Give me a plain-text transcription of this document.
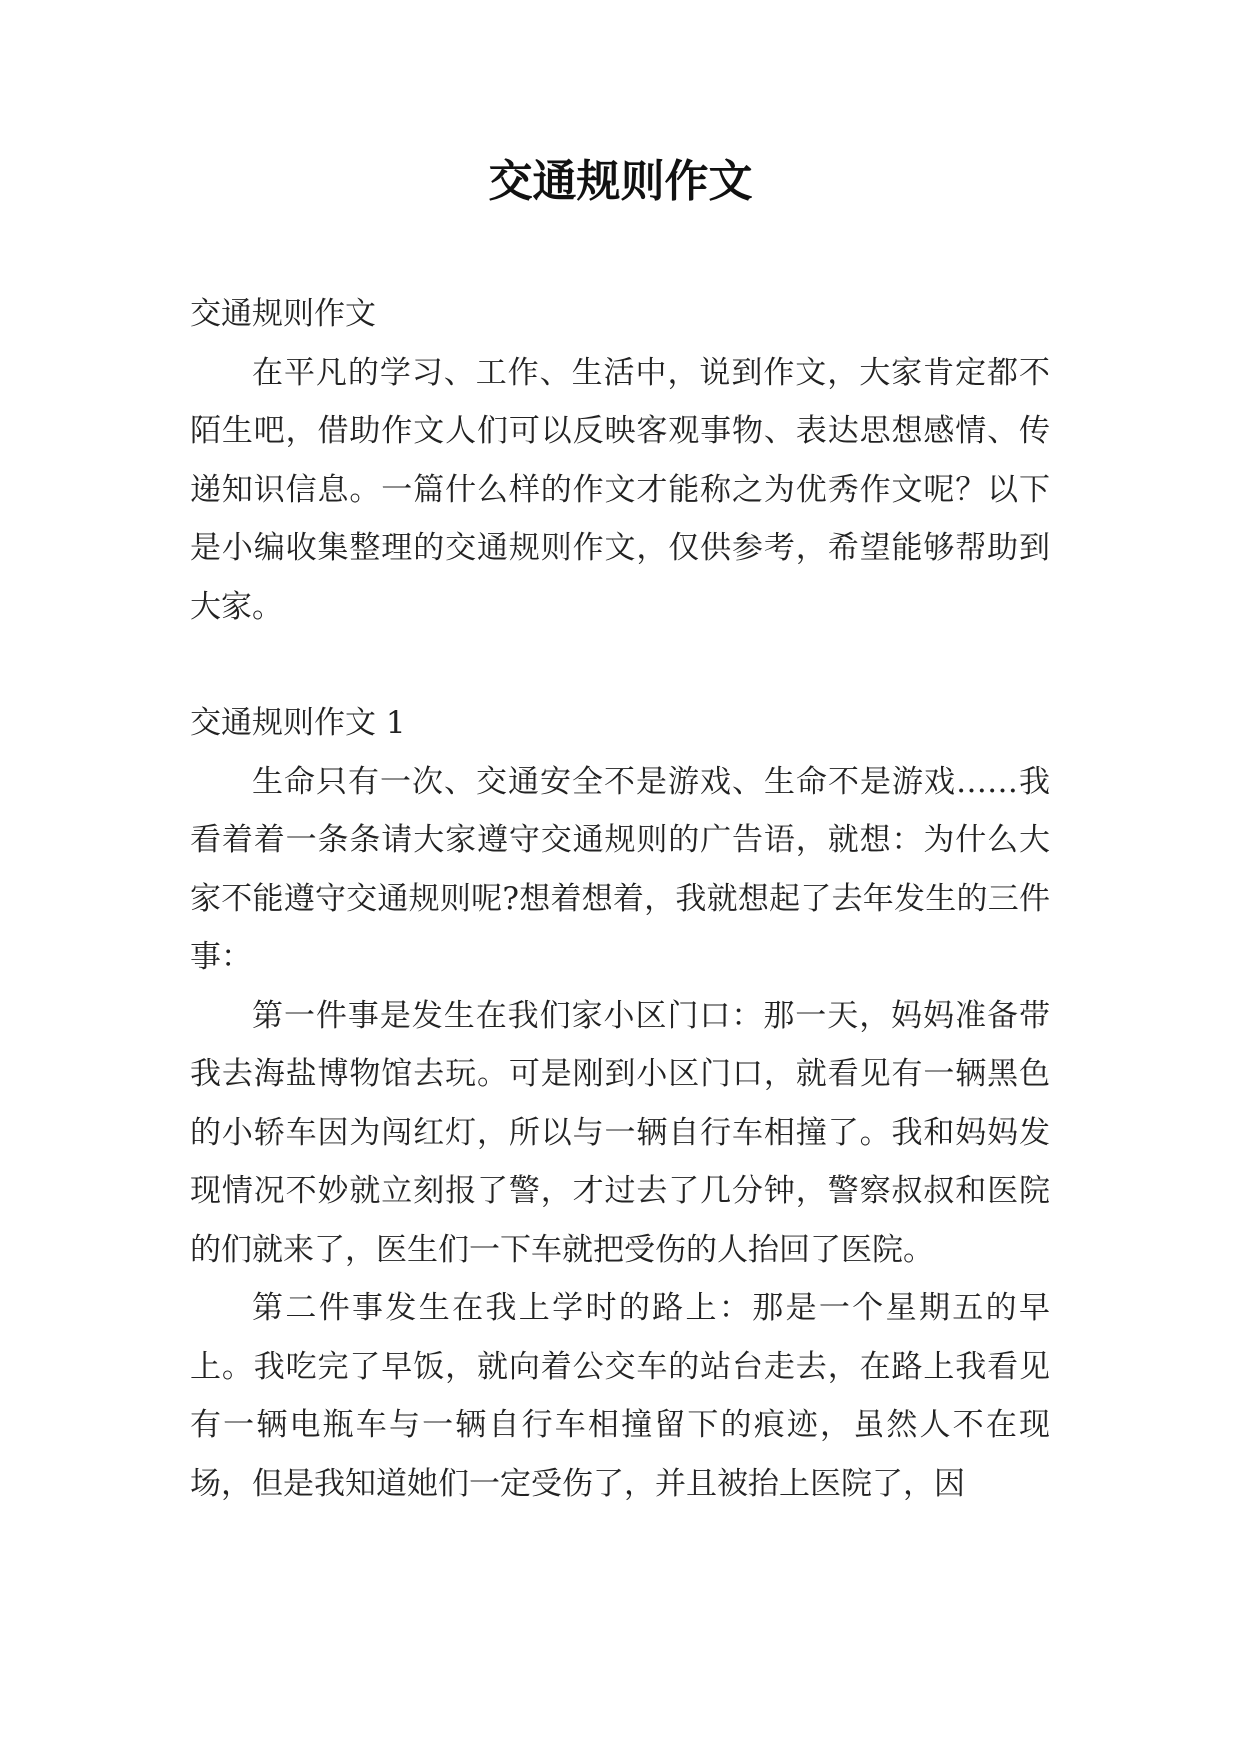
交通规则作文

交通规则作文

在平凡的学习、工作、生活中，说到作文，大家肯定都不陌生吧，借助作文人们可以反映客观事物、表达思想感情、传递知识信息。一篇什么样的作文才能称之为优秀作文呢？以下是小编收集整理的交通规则作文，仅供参考，希望能够帮助到大家。

交通规则作文 1

生命只有一次、交通安全不是游戏、生命不是游戏……我看着着一条条请大家遵守交通规则的广告语，就想：为什么大家不能遵守交通规则呢?想着想着，我就想起了去年发生的三件事：

第一件事是发生在我们家小区门口：那一天，妈妈准备带我去海盐博物馆去玩。可是刚到小区门口，就看见有一辆黑色的小轿车因为闯红灯，所以与一辆自行车相撞了。我和妈妈发现情况不妙就立刻报了警，才过去了几分钟，警察叔叔和医院的们就来了，医生们一下车就把受伤的人抬回了医院。

第二件事发生在我上学时的路上：那是一个星期五的早上。我吃完了早饭，就向着公交车的站台走去，在路上我看见有一辆电瓶车与一辆自行车相撞留下的痕迹，虽然人不在现场，但是我知道她们一定受伤了，并且被抬上医院了，因
